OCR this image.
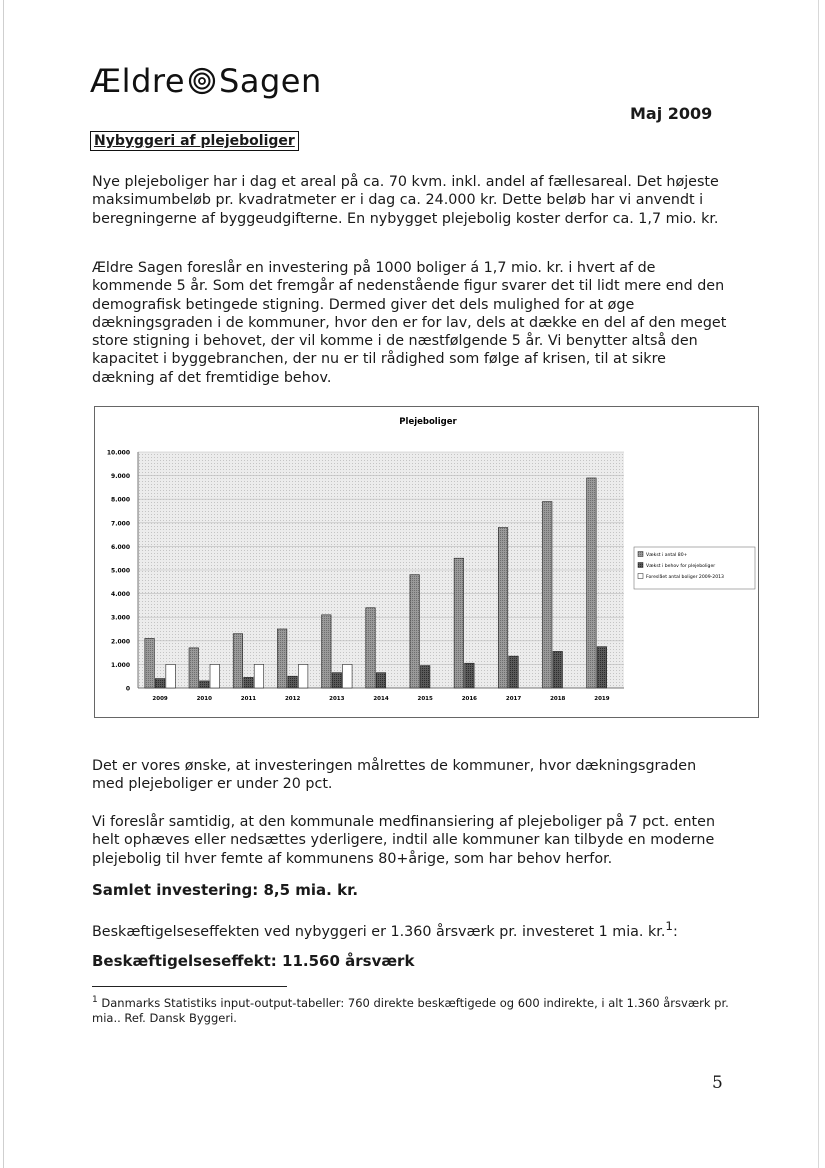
Ældre Sagen
Maj 2009
Nybyggeri af plejeboliger

Nye plejeboliger har i dag et areal på ca. 70 kvm. inkl. andel af fællesareal. Det højeste maksimumbeløb pr. kvadratmeter er i dag ca. 24.000 kr. Dette beløb har vi anvendt i beregningerne af byggeudgifterne. En nybygget plejebolig koster derfor ca. 1,7 mio. kr.

Ældre Sagen foreslår en investering på 1000 boliger á 1,7 mio. kr. i hvert af de kommende 5 år. Som det fremgår af nedenstående figur svarer det til lidt mere end den demografisk betingede stigning. Dermed giver det dels mulighed for at øge dækningsgraden i de kommuner, hvor den er for lav, dels at dække en del af den meget store stigning i behovet, der vil komme i de næstfølgende 5 år. Vi benytter altså den kapacitet i byggebranchen, der nu er til rådighed som følge af krisen, til at sikre dækning af det fremtidige behov.

Plejeboliger
0
1.000
2.000
3.000
4.000
5.000
6.000
7.000
8.000
9.000
10.000
2009	2010	2011	2012	2013	2014	2015	2016	2017	2018	2019
Vækst i antal 80+
Vækst i behov for plejeboliger
Foreslået antal boliger 2009-2013

Det er vores ønske, at investeringen målrettes de kommuner, hvor dækningsgraden med plejeboliger er under 20 pct.

Vi foreslår samtidig, at den kommunale medfinansiering af plejeboliger på 7 pct. enten helt ophæves eller nedsættes yderligere, indtil alle kommuner kan tilbyde en moderne plejebolig til hver femte af kommunens 80+årige, som har behov herfor.

Samlet investering: 8,5 mia. kr.

Beskæftigelseseffekten ved nybyggeri er 1.360 årsværk pr. investeret 1 mia. kr.$^1$:

Beskæftigelseseffekt: 11.560 årsværk

$^1$ Danmarks Statistiks input-output-tabeller: 760 direkte beskæftigede og 600 indirekte, i alt 1.360 årsværk pr. mia.. Ref. Dansk Byggeri.

5
